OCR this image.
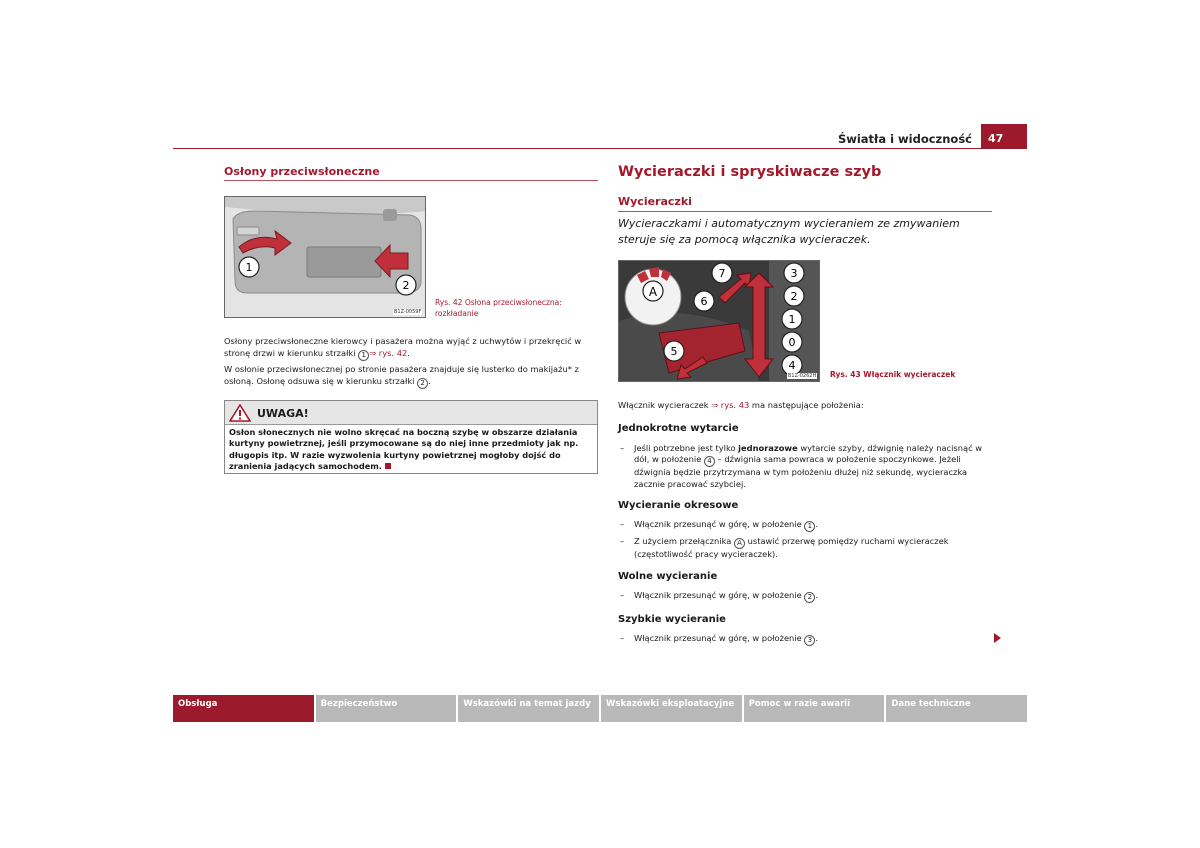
Światła i widoczność	47
Osłony przeciwsłoneczne
1
2
B1Z-0059F
Rys. 42 Osłona przeciwsłoneczna: rozkładanie
Osłony przeciwsłoneczne kierowcy i pasażera można wyjąć z uchwytów i przekręcić w stronę drzwi w kierunku strzałki 1 ⇒ rys. 42.
W osłonie przeciwsłonecznej po stronie pasażera znajduje się lusterko do makijażu* z osłoną. Osłonę odsuwa się w kierunku strzałki 2 .
UWAGA!
Osłon słonecznych nie wolno skręcać na boczną szybę w obszarze działania kurtyny powietrznej, jeśli przymocowane są do niej inne przedmioty jak np. długopis itp. W razie wyzwolenia kurtyny powietrznej mogłoby dojść do zranienia jadących samochodem.
Wycieraczki i spryskiwacze szyb
Wycieraczki
Wycieraczkami i automatycznym wycieraniem ze zmywaniem steruje się za pomocą włącznika wycieraczek.
A
7
6
5
3
2
1
0
4
B1Z-0262H Rys. 43 Włącznik wycieraczek
Włącznik wycieraczek ⇒ rys. 43 ma następujące położenia:
Jednokrotne wytarcie
– Jeśli potrzebne jest tylko jednorazowe wytarcie szyby, dźwignię należy nacisnąć w dół, w położenie 4 – dźwignia sama powraca w położenie spoczynkowe. Jeżeli dźwignia będzie przytrzymana w tym położeniu dłużej niż sekundę, wycieraczka zacznie pracować szybciej.
Wycieranie okresowe
– Włącznik przesunąć w górę, w położenie 1 .
– Z użyciem przełącznika A ustawić przerwę pomiędzy ruchami wycieraczek (częstotliwość pracy wycieraczek).
Wolne wycieranie
– Włącznik przesunąć w górę, w położenie 2 .
Szybkie wycieranie
– Włącznik przesunąć w górę, w położenie 3 .
Obsługa	Bezpieczeństwo	Wskazówki na temat jazdy	Wskazówki eksploatacyjne	Pomoc w razie awarii	Dane techniczne
